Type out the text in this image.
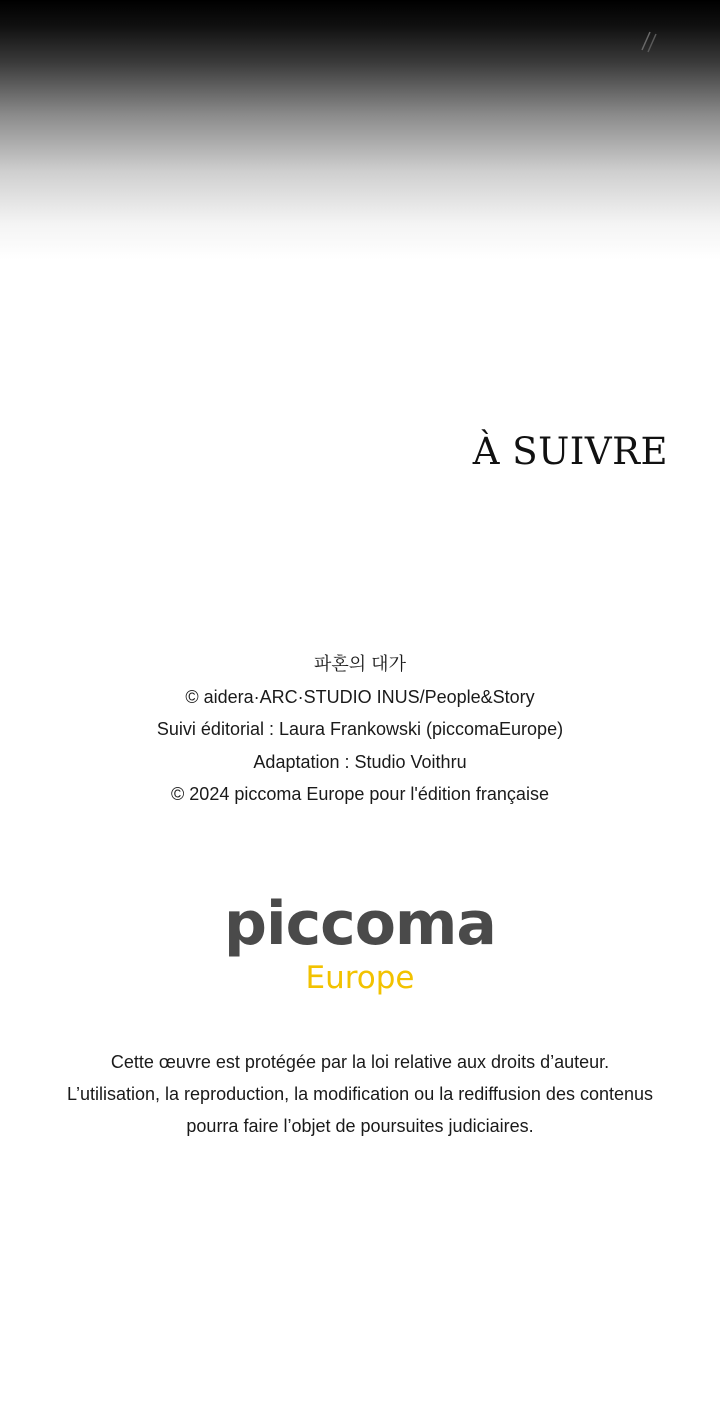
À SUIVRE
파혼의 대가
© aidera·ARC·STUDIO INUS/People&Story
Suivi éditorial : Laura Frankowski (piccomaEurope)
Adaptation : Studio Voithru
© 2024 piccoma Europe pour l'édition française
piccoma
Europe
Cette œuvre est protégée par la loi relative aux droits d’auteur.
L’utilisation, la reproduction, la modification ou la rediffusion des contenus
pourra faire l’objet de poursuites judiciaires.
